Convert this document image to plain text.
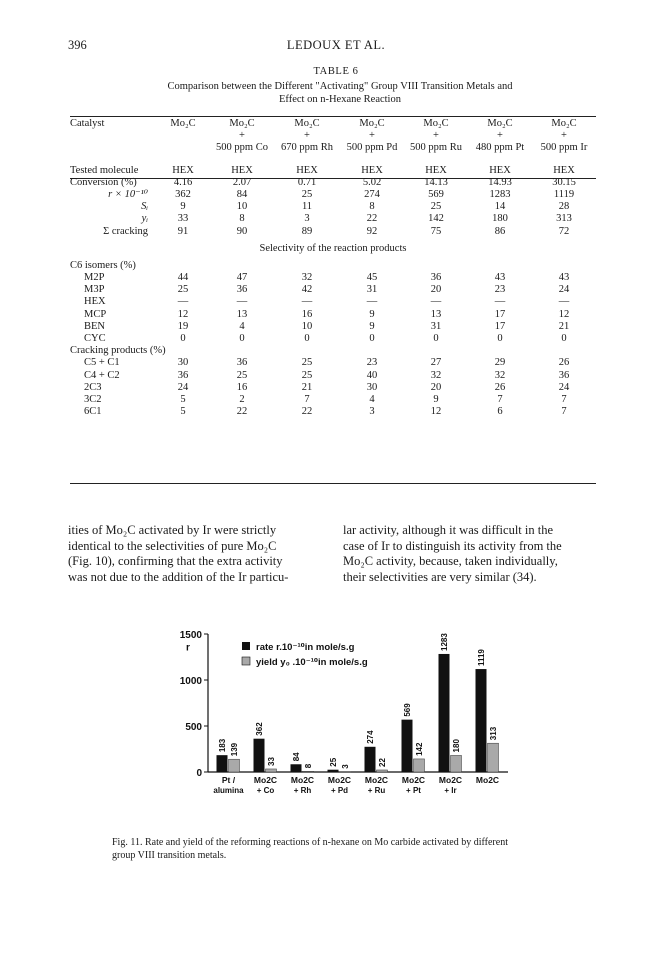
396	LEDOUX ET AL.
TABLE 6
Comparison between the Different "Activating" Group VIII Transition Metals and
Effect on n-Hexane Reaction
Catalyst	Mo₂C	Mo₂C	Mo₂C	Mo₂C	Mo₂C	Mo₂C	Mo₂C
		+	+	+	+	+	+
		500 ppm Co	670 ppm Rh	500 ppm Pd	500 ppm Ru	480 ppm Pt	500 ppm Ir

Tested molecule	HEX	HEX	HEX	HEX	HEX	HEX	HEX
Conversion (%)	4.16	2.07	0.71	5.02	14.13	14.93	30.15
r × 10⁻¹⁰	362	84	25	274	569	1283	1119
Sᵢ	9	10	11	8	25	14	28
yᵢ	33	8	3	22	142	180	313
Σ cracking	91	90	89	92	75	86	72
Selectivity of the reaction products							
C6 isomers (%)							
M2P	44	47	32	45	36	43	43
M3P	25	36	42	31	20	23	24
HEX	—	—	—	—	—	—	—
MCP	12	13	16	9	13	17	12
BEN	19	4	10	9	31	17	21
CYC	0	0	0	0	0	0	0
Cracking products (%)							
C5 + C1	30	36	25	23	27	29	26
C4 + C2	36	25	25	40	32	32	36
2C3	24	16	21	30	20	26	24
3C2	5	2	7	4	9	7	7
6C1	5	22	22	3	12	6	7
ities of Mo₂C activated by Ir were strictly
identical to the selectivities of pure Mo₂C
(Fig. 10), confirming that the extra activity
was not due to the addition of the Ir particu-
lar activity, although it was difficult in the
case of Ir to distinguish its activity from the
Mo₂C activity, because, taken individually,
their selectivities are very similar (34).
0
500
1000
1500
r	rate r.10⁻¹⁰in mole/s.g
yield y₀ .10⁻¹⁰in mole/s.g
183 139
Pt /
alumina
362
33
Mo2C
+ Co
84
8
Mo2C
+ Rh
25 3
Mo2C
+ Pd
274
22
Mo2C
+ Ru
569
142
Mo2C
+ Pt
1283
180
Mo2C
+ Ir
1119
313
Mo2C
Fig. 11. Rate and yield of the reforming reactions of n-hexane on Mo carbide activated by different
group VIII transition metals.
